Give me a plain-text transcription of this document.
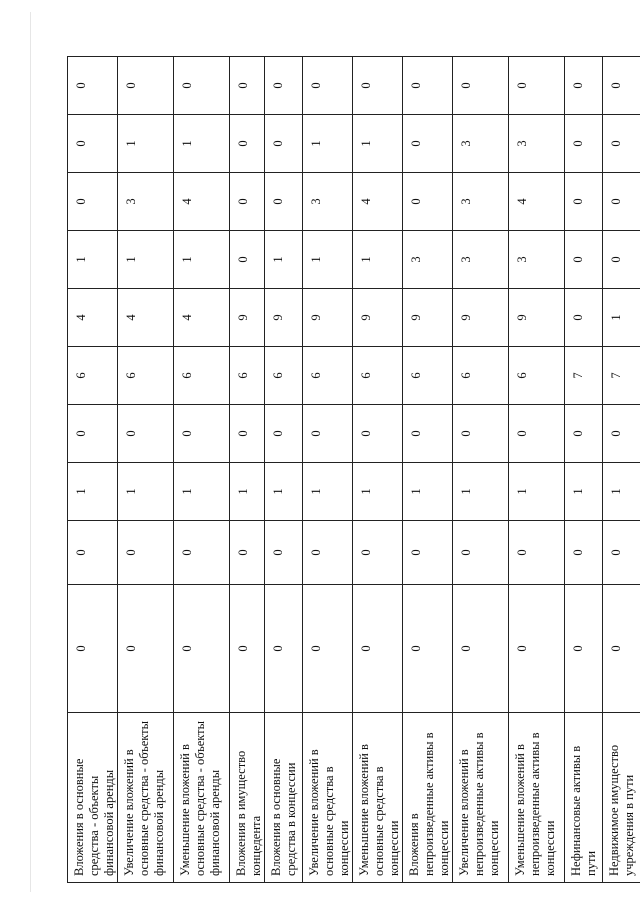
Вложения в основные средства - объекты финансовой аренды	0	0	1	0	6	4	1	0	0	0
Увеличение вложений в основные средства - объекты финансовой аренды	0	0	1	0	6	4	1	3	1	0
Уменьшение вложений в основные средства - объекты финансовой аренды	0	0	1	0	6	4	1	4	1	0
Вложения в имущество концедента	0	0	1	0	6	9	0	0	0	0
Вложения в основные средства в концессии	0	0	1	0	6	9	1	0	0	0
Увеличение вложений в основные средства в концессии	0	0	1	0	6	9	1	3	1	0
Уменьшение вложений в основные средства в концессии	0	0	1	0	6	9	1	4	1	0
Вложения в непроизведенные активы в концессии	0	0	1	0	6	9	3	0	0	0
Увеличение вложений в непроизведенные активы в концессии	0	0	1	0	6	9	3	3	3	0
Уменьшение вложений в непроизведенные активы в концессии	0	0	1	0	6	9	3	4	3	0
Нефинансовые активы в пути	0	0	1	0	7	0	0	0	0	0
Недвижимое имущество учреждения в пути	0	0	1	0	7	1	0	0	0	0
